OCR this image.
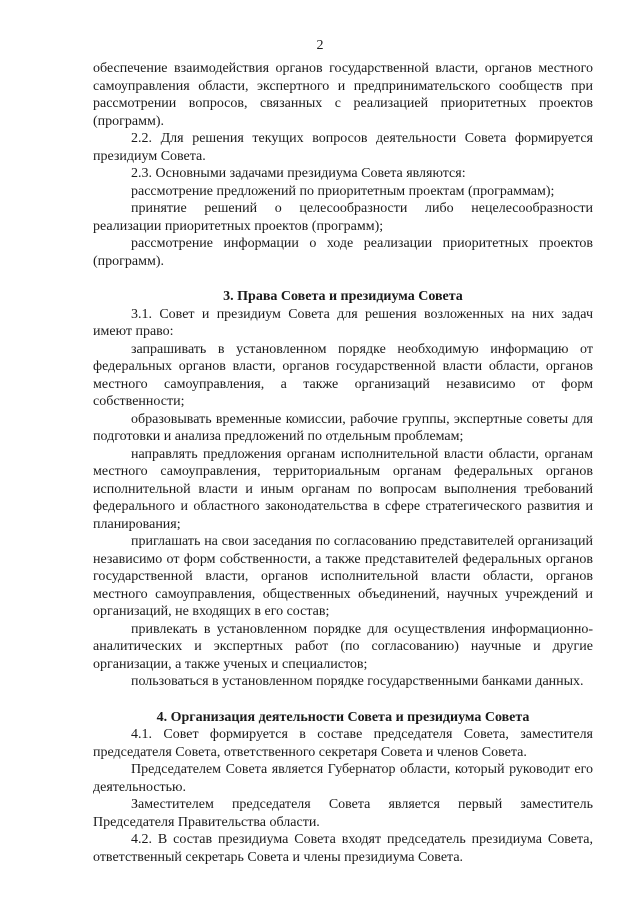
2

обеспечение взаимодействия органов государственной власти, органов местного самоуправления области, экспертного и предпринимательского сообществ при рассмотрении вопросов, связанных с реализацией приоритетных проектов (программ).

2.2. Для решения текущих вопросов деятельности Совета формируется президиум Совета.

2.3. Основными задачами президиума Совета являются:

рассмотрение предложений по приоритетным проектам (программам);

принятие решений о целесообразности либо нецелесообразности реализации приоритетных проектов (программ);

рассмотрение информации о ходе реализации приоритетных проектов (программ).

3. Права Совета и президиума Совета

3.1. Совет и президиум Совета для решения возложенных на них задач имеют право:

запрашивать в установленном порядке необходимую информацию от федеральных органов власти, органов государственной власти области, органов местного самоуправления, а также организаций независимо от форм собственности;

образовывать временные комиссии, рабочие группы, экспертные советы для подготовки и анализа предложений по отдельным проблемам;

направлять предложения органам исполнительной власти области, органам местного самоуправления, территориальным органам федеральных органов исполнительной власти и иным органам по вопросам выполнения требований федерального и областного законодательства в сфере стратегического развития и планирования;

приглашать на свои заседания по согласованию представителей организаций независимо от форм собственности, а также представителей федеральных органов государственной власти, органов исполнительной власти области, органов местного самоуправления, общественных объединений, научных учреждений и организаций, не входящих в его состав;

привлекать в установленном порядке для осуществления информационно-аналитических и экспертных работ (по согласованию) научные и другие организации, а также ученых и специалистов;

пользоваться в установленном порядке государственными банками данных.

4. Организация деятельности Совета и президиума Совета

4.1. Совет формируется в составе председателя Совета, заместителя председателя Совета, ответственного секретаря Совета и членов Совета.

Председателем Совета является Губернатор области, который руководит его деятельностью.

Заместителем председателя Совета является первый заместитель Председателя Правительства области.

4.2. В состав президиума Совета входят председатель президиума Совета, ответственный секретарь Совета и члены президиума Совета.
